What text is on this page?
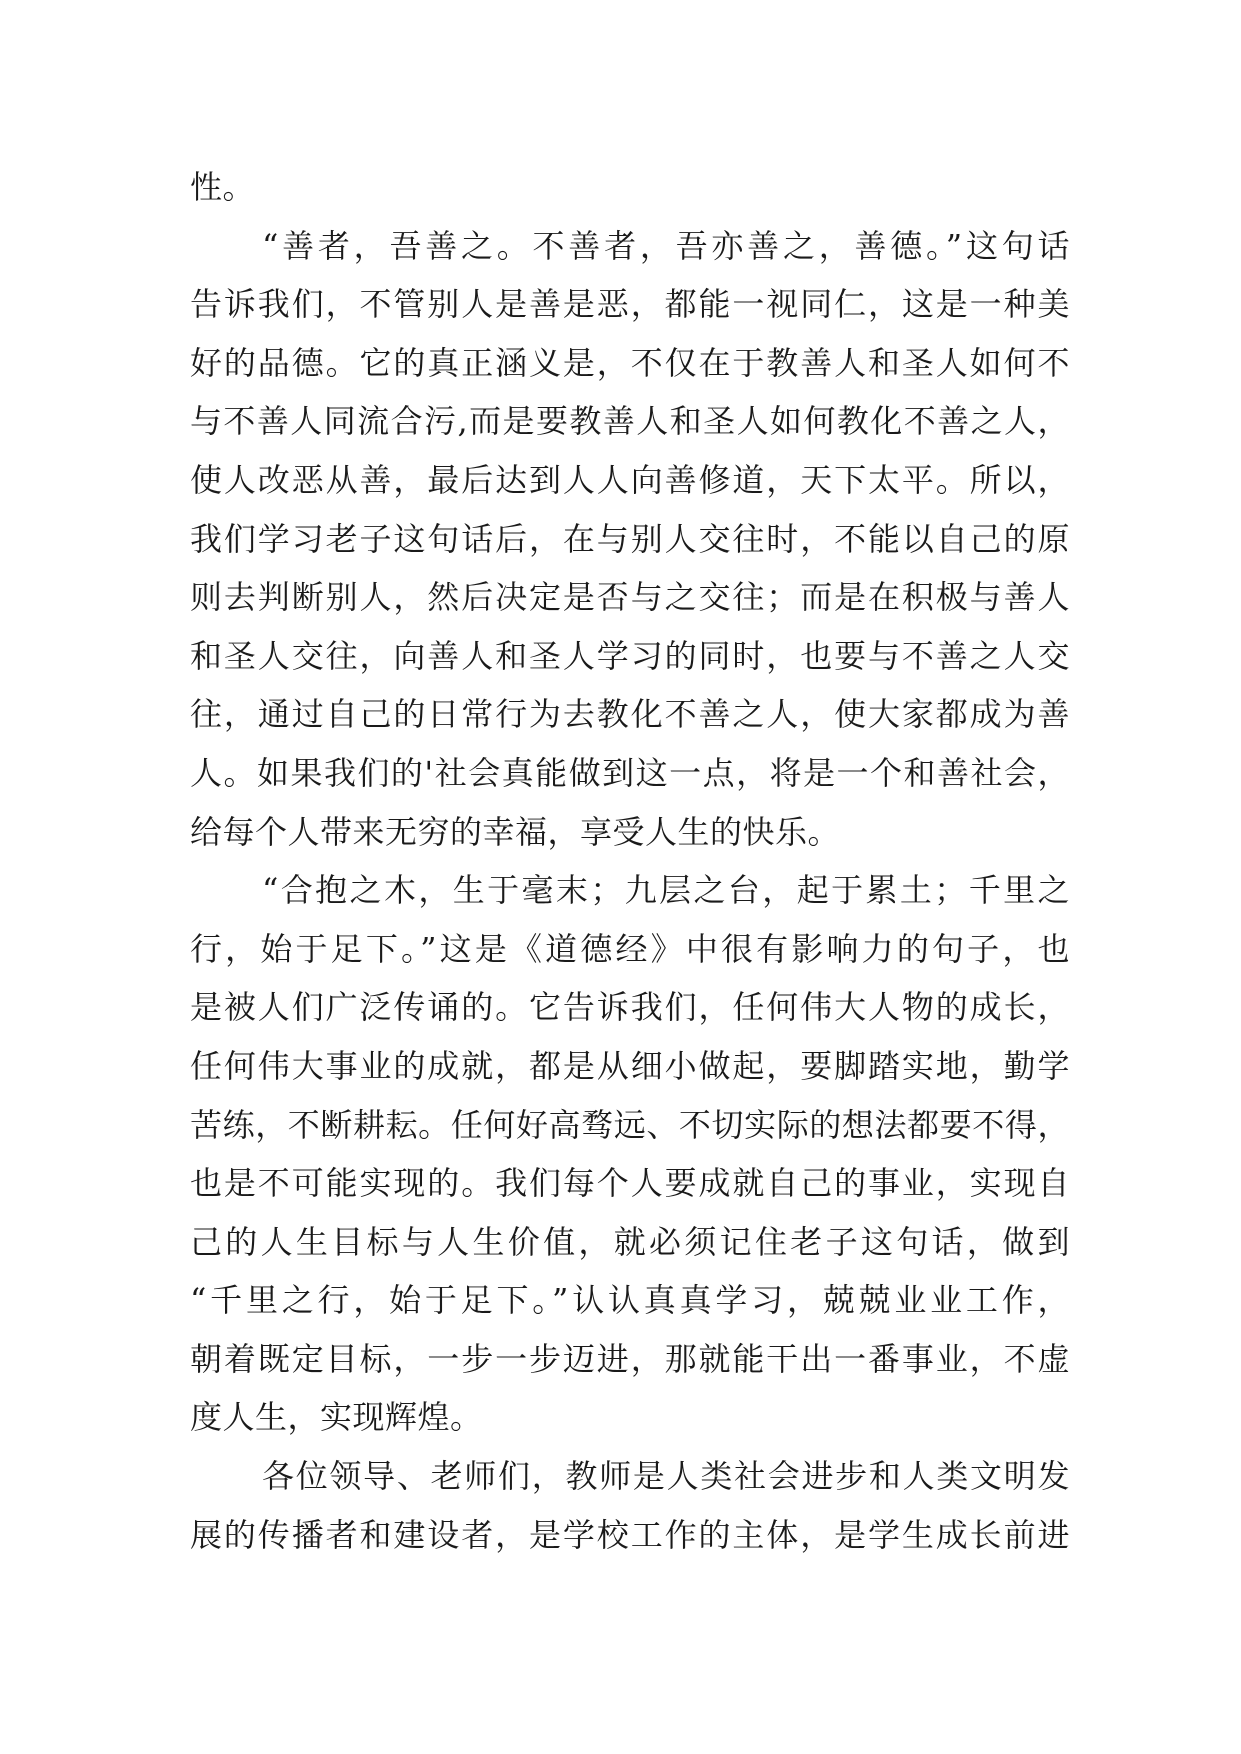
性。
“善者，吾善之。不善者，吾亦善之，善德。”这句话
告诉我们，不管别人是善是恶，都能一视同仁，这是一种美
好的品德。它的真正涵义是，不仅在于教善人和圣人如何不
与不善人同流合污,而是要教善人和圣人如何教化不善之人，
使人改恶从善，最后达到人人向善修道，天下太平。所以，
我们学习老子这句话后，在与别人交往时，不能以自己的原
则去判断别人，然后决定是否与之交往；而是在积极与善人
和圣人交往，向善人和圣人学习的同时，也要与不善之人交
往，通过自己的日常行为去教化不善之人，使大家都成为善
人。如果我们的'社会真能做到这一点，将是一个和善社会，
给每个人带来无穷的幸福，享受人生的快乐。
“合抱之木，生于毫末；九层之台，起于累土；千里之
行，始于足下。”这是《道德经》中很有影响力的句子，也
是被人们广泛传诵的。它告诉我们，任何伟大人物的成长，
任何伟大事业的成就，都是从细小做起，要脚踏实地，勤学
苦练，不断耕耘。任何好高骛远、不切实际的想法都要不得，
也是不可能实现的。我们每个人要成就自己的事业，实现自
己的人生目标与人生价值，就必须记住老子这句话，做到
“千里之行，始于足下。”认认真真学习，兢兢业业工作，
朝着既定目标，一步一步迈进，那就能干出一番事业，不虚
度人生，实现辉煌。
各位领导、老师们，教师是人类社会进步和人类文明发
展的传播者和建设者，是学校工作的主体，是学生成长前进
